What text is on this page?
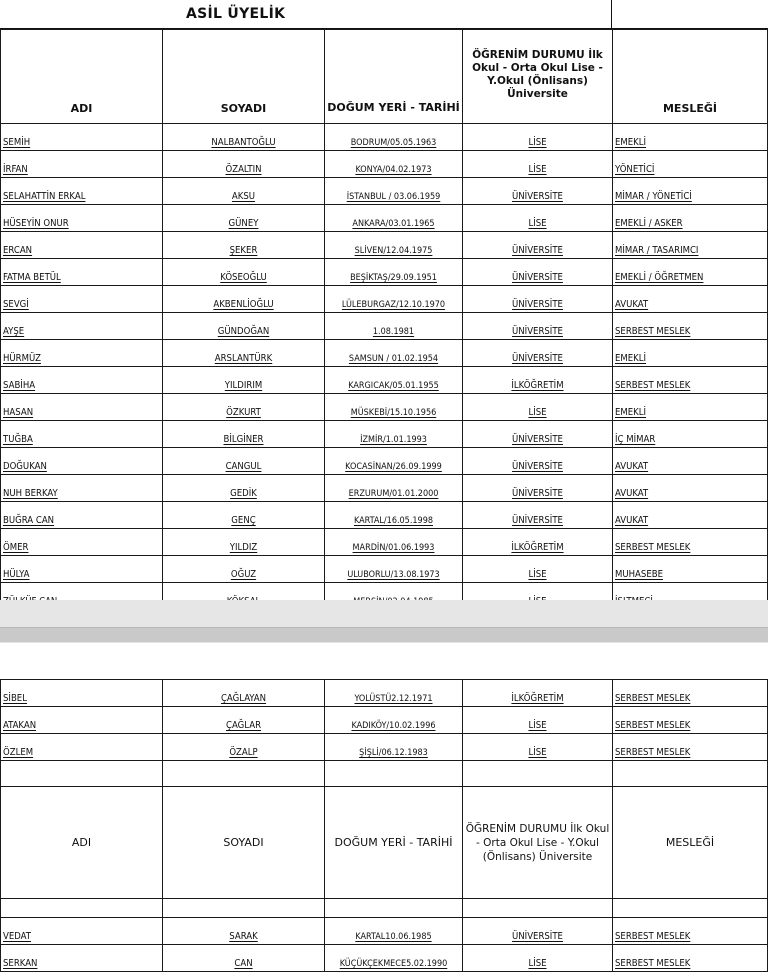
ASİL ÜYELİK
ADI	SOYADI	DOĞUM YERİ - TARİHİ	ÖĞRENİM DURUMU İlk Okul - Orta Okul Lise - Y.Okul (Önlisans) Üniversite	MESLEĞİ
SEMİH	NALBANTOĞLU	BODRUM/05.05.1963	LİSE	EMEKLİ
İRFAN	ÖZALTIN	KONYA/04.02.1973	LİSE	YÖNETİCİ
SELAHATTİN ERKAL	AKSU	İSTANBUL / 03.06.1959	ÜNİVERSİTE	MİMAR / YÖNETİCİ
HÜSEYİN ONUR	GÜNEY	ANKARA/03.01.1965	LİSE	EMEKLİ / ASKER
ERCAN	ŞEKER	SLİVEN/12.04.1975	ÜNİVERSİTE	MİMAR / TASARIMCI
FATMA BETÜL	KÖSEOĞLU	BEŞİKTAŞ/29.09.1951	ÜNİVERSİTE	EMEKLİ / ÖĞRETMEN
SEVGİ	AKBENLİOĞLU	LÜLEBURGAZ/12.10.1970	ÜNİVERSİTE	AVUKAT
AYŞE	GÜNDOĞAN	1.08.1981	ÜNİVERSİTE	SERBEST MESLEK
HÜRMÜZ	ARSLANTÜRK	SAMSUN / 01.02.1954	ÜNİVERSİTE	EMEKLİ
SABİHA	YILDIRIM	KARGICAK/05.01.1955	İLKÖĞRETİM	SERBEST MESLEK
HASAN	ÖZKURT	MÜSKEBİ/15.10.1956	LİSE	EMEKLİ
TUĞBA	BİLGİNER	İZMİR/1.01.1993	ÜNİVERSİTE	İÇ MİMAR
DOĞUKAN	CANGUL	KOCASİNAN/26.09.1999	ÜNİVERSİTE	AVUKAT
NUH BERKAY	GEDİK	ERZURUM/01.01.2000	ÜNİVERSİTE	AVUKAT
BUĞRA CAN	GENÇ	KARTAL/16.05.1998	ÜNİVERSİTE	AVUKAT
ÖMER	YILDIZ	MARDİN/01.06.1993	İLKÖĞRETİM	SERBEST MESLEK
HÜLYA	OĞUZ	ULUBORLU/13.08.1973	LİSE	MUHASEBE

SİBEL	ÇAĞLAYAN	YOLÜSTÜ2.12.1971	İLKÖĞRETİM	SERBEST MESLEK
ATAKAN	ÇAĞLAR	KADIKÖY/10.02.1996	LİSE	SERBEST MESLEK
ÖZLEM	ÖZALP	ŞİŞLİ/06.12.1983	LİSE	SERBEST MESLEK

ADI	SOYADI	DOĞUM YERİ - TARİHİ	ÖĞRENİM DURUMU İlk Okul - Orta Okul Lise - Y.Okul (Önlisans) Üniversite	MESLEĞİ

VEDAT	SARAK	KARTAL10.06.1985	ÜNİVERSİTE	SERBEST MESLEK
SERKAN	CAN	KÜÇÜKÇEKMECE5.02.1990	LİSE	SERBEST MESLEK
